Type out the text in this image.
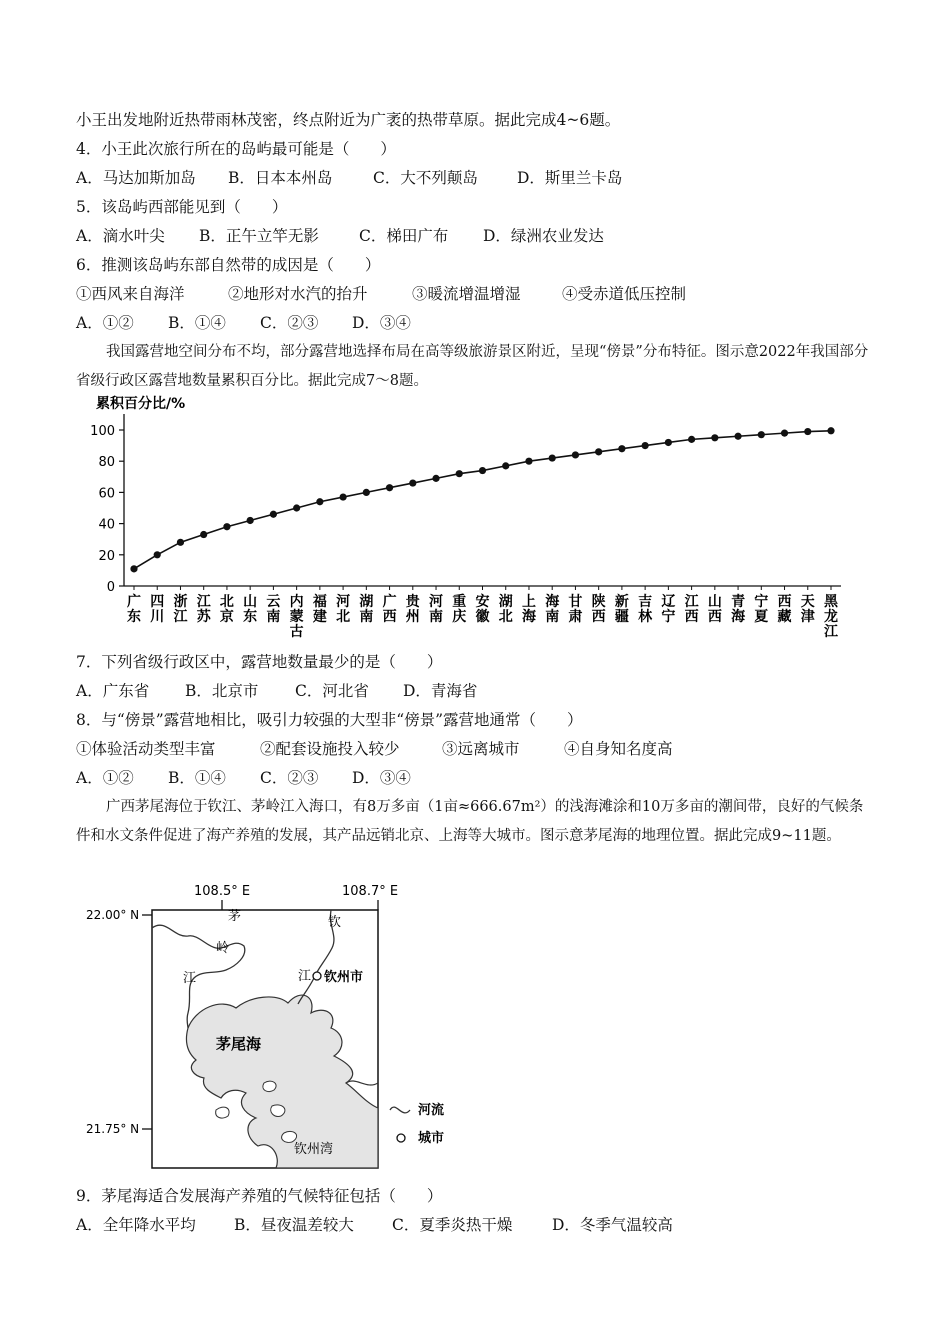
小王出发地附近热带雨林茂密，终点附近为广袤的热带草原。据此完成4~6题。
4．小王此次旅行所在的岛屿最可能是（　　）
A．马达加斯加岛 B．日本本州岛	C．大不列颠岛	D．斯里兰卡岛
5．该岛屿西部能见到（　　）
A．滴水叶尖 B．正午立竿无影	C．梯田广布 D．绿洲农业发达
6．推测该岛屿东部自然带的成因是（　　）
①西风来自海洋	②地形对水汽的抬升	③暖流增温增湿	④受赤道低压控制
A．①② B．①④ C．②③ D．③④
我国露营地空间分布不均，部分露营地选择布局在高等级旅游景区附近，呈现“傍景”分布特征。图示意2022年我国部分省级行政区露营地数量累积百分比。据此完成7～8题。
累积百分比/%
0
20
40
60
80
100
广东
四川
浙江
江苏
北京
山东
云南
内蒙古
福建
河北
湖南
广西
贵州
河南
重庆
安徽
湖北
上海
海南
甘肃
陕西
新疆
吉林
辽宁
江西
山西
青海
宁夏
西藏
天津
黑龙江
7．下列省级行政区中，露营地数量最少的是（　　）
A．广东省 B．北京市 C．河北省 D．青海省
8．与“傍景”露营地相比，吸引力较强的大型非“傍景”露营地通常（　　）
①体验活动类型丰富	②配套设施投入较少	③远离城市	④自身知名度高
A．①② B．①④ C．②③ D．③④
广西茅尾海位于钦江、茅岭江入海口，有8万多亩（1亩≈666.67m²）的浅海滩涂和10万多亩的潮间带，良好的气候条件和水文条件促进了海产养殖的发展，其产品远销北京、上海等大城市。图示意茅尾海的地理位置。据此完成9~11题。
108.5° E	108.7° E
22.00° N
21.75° N
茅
岭
江
钦
江 钦州市
茅尾海
钦州湾
河流
城市
9．茅尾海适合发展海产养殖的气候特征包括（　　）
A．全年降水平均 B．昼夜温差较大 C．夏季炎热干燥	D．冬季气温较高
